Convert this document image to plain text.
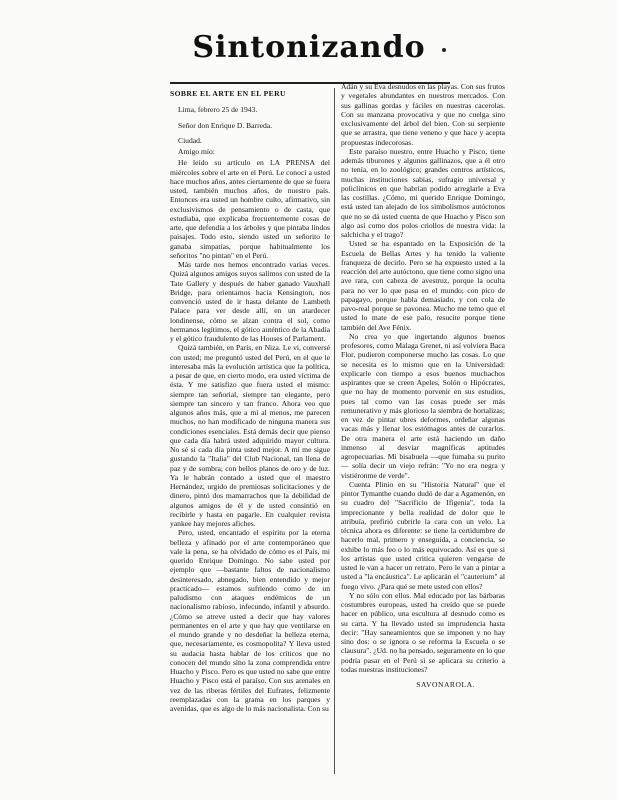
Sintonizando
SOBRE EL ARTE EN EL PERU
Lima, febrero 25 de 1943.
Señor don Enrique D. Barreda.
Ciudad.
Amigo mío:

He leído su artículo en LA PRENSA del miércoles sobre el arte en el Perú. Le conocí a usted hace muchos años, antes ciertamente de que se fuera usted, también muchos años, de nuestro país. Entonces era usted un hombre culto, afirmativo, sin exclusivismos de pensamiento o de casta, que estudiaba, que explicaba frecuentemente cosas de arte, que defendía a los árboles y que pintaba lindos paisajes. Todo esto, siendo usted un señorito le ganaba simpatías, porque habitualmente los señoritos "no pintan" en el Perú.

Más tarde nos hemos encontrado varias veces. Quizá algunos amigos suyos salimos con usted de la Tate Gallery y después de haber ganado Vauxhall Bridge, para orientarnos hacia Kensington, nos convenció usted de ir hasta delante de Lambeth Palace para ver desde allí, en un atardecer londinense, cómo se alzan contra el sol, como hermanos legítimos, el gótico auténtico de la Abadía y el gótico fraudulento de las Houses of Parlament.

Quizá también, en París, en Niza. Le vi, conversé con usted; me preguntó usted del Perú, en el que le interesaba más la evolución artística que la política, a pesar de que, en cierto modo, era usted víctima de ésta. Y me satisfizo que fuera usted el mismo: siempre tan señorial, siempre tan elegante, pero siempre tan sincero y tan franco. Ahora veo que algunos años más, que a mí al menos, me parecen muchos, no han modificado de ninguna manera sus condiciones esenciales. Está demás decir que pienso que cada día habrá usted adquirido mayor cultura. No sé si cada día pinta usted mejor. A mí me sigue gustando la "Italia" del Club Nacional, tan llena de paz y de sombra; con bellos planos de oro y de luz. Ya le habrán contado a usted que el maestro Hernández, urgido de premiosas solicitaciones y de dinero, pintó dos mamarrachos que la debilidad de algunos amigos de él y de usted consintió en recibirle y hasta en pagarle. En cualquier revista yankee hay mejores afiches.

Pero, usted, encantado el espíritu por la eterna belleza y afinado por el arte contemporáneo que vale la pena, se ha olvidado de cómo es el País, mi querido Enrique Domingo. No sabe usted por ejemplo que —bastante faltos de nacionalismo desinteresado, abnegado, bien entendido y mejor practicado— estamos sufriendo como de un paludismo con ataques endémicos de un nacionalismo rabioso, infecundo, infantil y absurdo. ¿Cómo se atreve usted a decir que hay valores permanentes en el arte y que hay que ventilarse en el mundo grande y no desdeñar la belleza eterna, que, necesariamente, es cosmopolita? Y lleva usted su audacia hasta hablar de los críticos que no conocen del mundo sino la zona comprendida entre Huacho y Pisco. Pero es que usted no sabe que entre Huacho y Pisco está el paraíso. Con sus arenales en vez de las riberas fértiles del Eufrates, felizmente reemplazadas con la grama en los parques y avenidas, que es algo de lo más nacionalista. Con su

Adán y su Eva desnudos en las playas. Con sus frutos y vegetales abundantes en nuestros mercados. Con sus gallinas gordas y fáciles en nuestras cacerolas. Con su manzana provocativa y que no cuelga sino exclusivamente del árbol del bien. Con su serpiente que se arrastra, que tiene veneno y que hace y acepta propuestas indecorosas.

Este paraíso nuestro, entre Huacho y Pisco, tiene además tiburones y algunos gallinazos, que a él otro no tenía, en lo zoológico; grandes centros artísticos, muchas instituciones sabias, sufragio universal y policlínicos en que habrían podido arreglarle a Eva las costillas. ¿Cómo, mi querido Enrique Domingo, está usted tan alejado de los simbolismos autóctonos que no se dá usted cuenta de que Huacho y Pisco son algo así como dos polos criollos de nuestra vida: la salchicha y el trago?

Usted se ha espantado en la Exposición de la Escuela de Bellas Artes y ha tenido la valiente franqueza de decirlo. Pero se ha expuesto usted a la reacción del arte autóctono, que tiene como signo una ave rara, con cabeza de avestruz, porque la oculta para no ver lo que pasa en el mundo; con pico de papagayo, porque habla demasiado, y con cola de pavo-real porque se pavonea. Mucho me temo que el usted lo mate de ese palo, resucite porque tiene también del Ave Fénix.

No crea yo que ingertando algunos buenos profesores, como Malaga Grenet, ni así volviera Baca Flor, pudieron componerse mucho las cosas. Lo que se necesita es lo mismo que en la Universidad: explicarle con tiempo a esos buenos muchachos aspirantes que se creen Apeles, Solón o Hipócrates, que no hay de momento porvenir en sus estudios, pues tal como van las cosas puede ser más remunerativo y más glorioso la siembra de hortalizas; en vez de pintar ubres deformes, ordeñar algunas vacas más y llenar los estómagos antes de curarlos. De otra manera el arte está haciendo un daño inmenso al desviar magníficas aptitudes agropecuarias. Mi bisabuela —que fumaba su purito— solía decir un viejo refrán: "Yo no era negra y vistiéronme de verde".

Cuenta Plinio en su "Historia Natural" que el pintor Tymanthe cuando dudó de dar a Agamenón, en su cuadro del "Sacrificio de Ifigenia", toda la imprecionante y bella realidad de dolor que le atribuía, prefirió cubrirle la cara con un velo. La técnica ahora es diferente: se tiene la certidumbre de hacerlo mal, primero y enseguida, a conciencia, se exhibe lo más feo o lo más equivocado. Así es que si los artistas que usted critica quieren vengarse de usted le van a hacer un retrato. Pero le van a pintar a usted a "la encáustica". Le aplicarán el "cauterium" al fuego vivo. ¿Para qué se mete usted con ellos?

Y no sólo con ellos. Mal educado por las bárbaras costumbres europeas, usted ha creído que se puede hacer en público, una escultura al desnudo como es su carta. Y ha llevado usted su imprudencia hasta decir: "Hay saneamientos que se imponen y no hay sino dos: o se ignora o se reforma la Escuela o se clausura". ¿Ud. no ha pensado, seguramente en lo que podría pasar en el Perú si se aplicara su criterio a todas nuestras instituciones?

SAVONAROLA.
